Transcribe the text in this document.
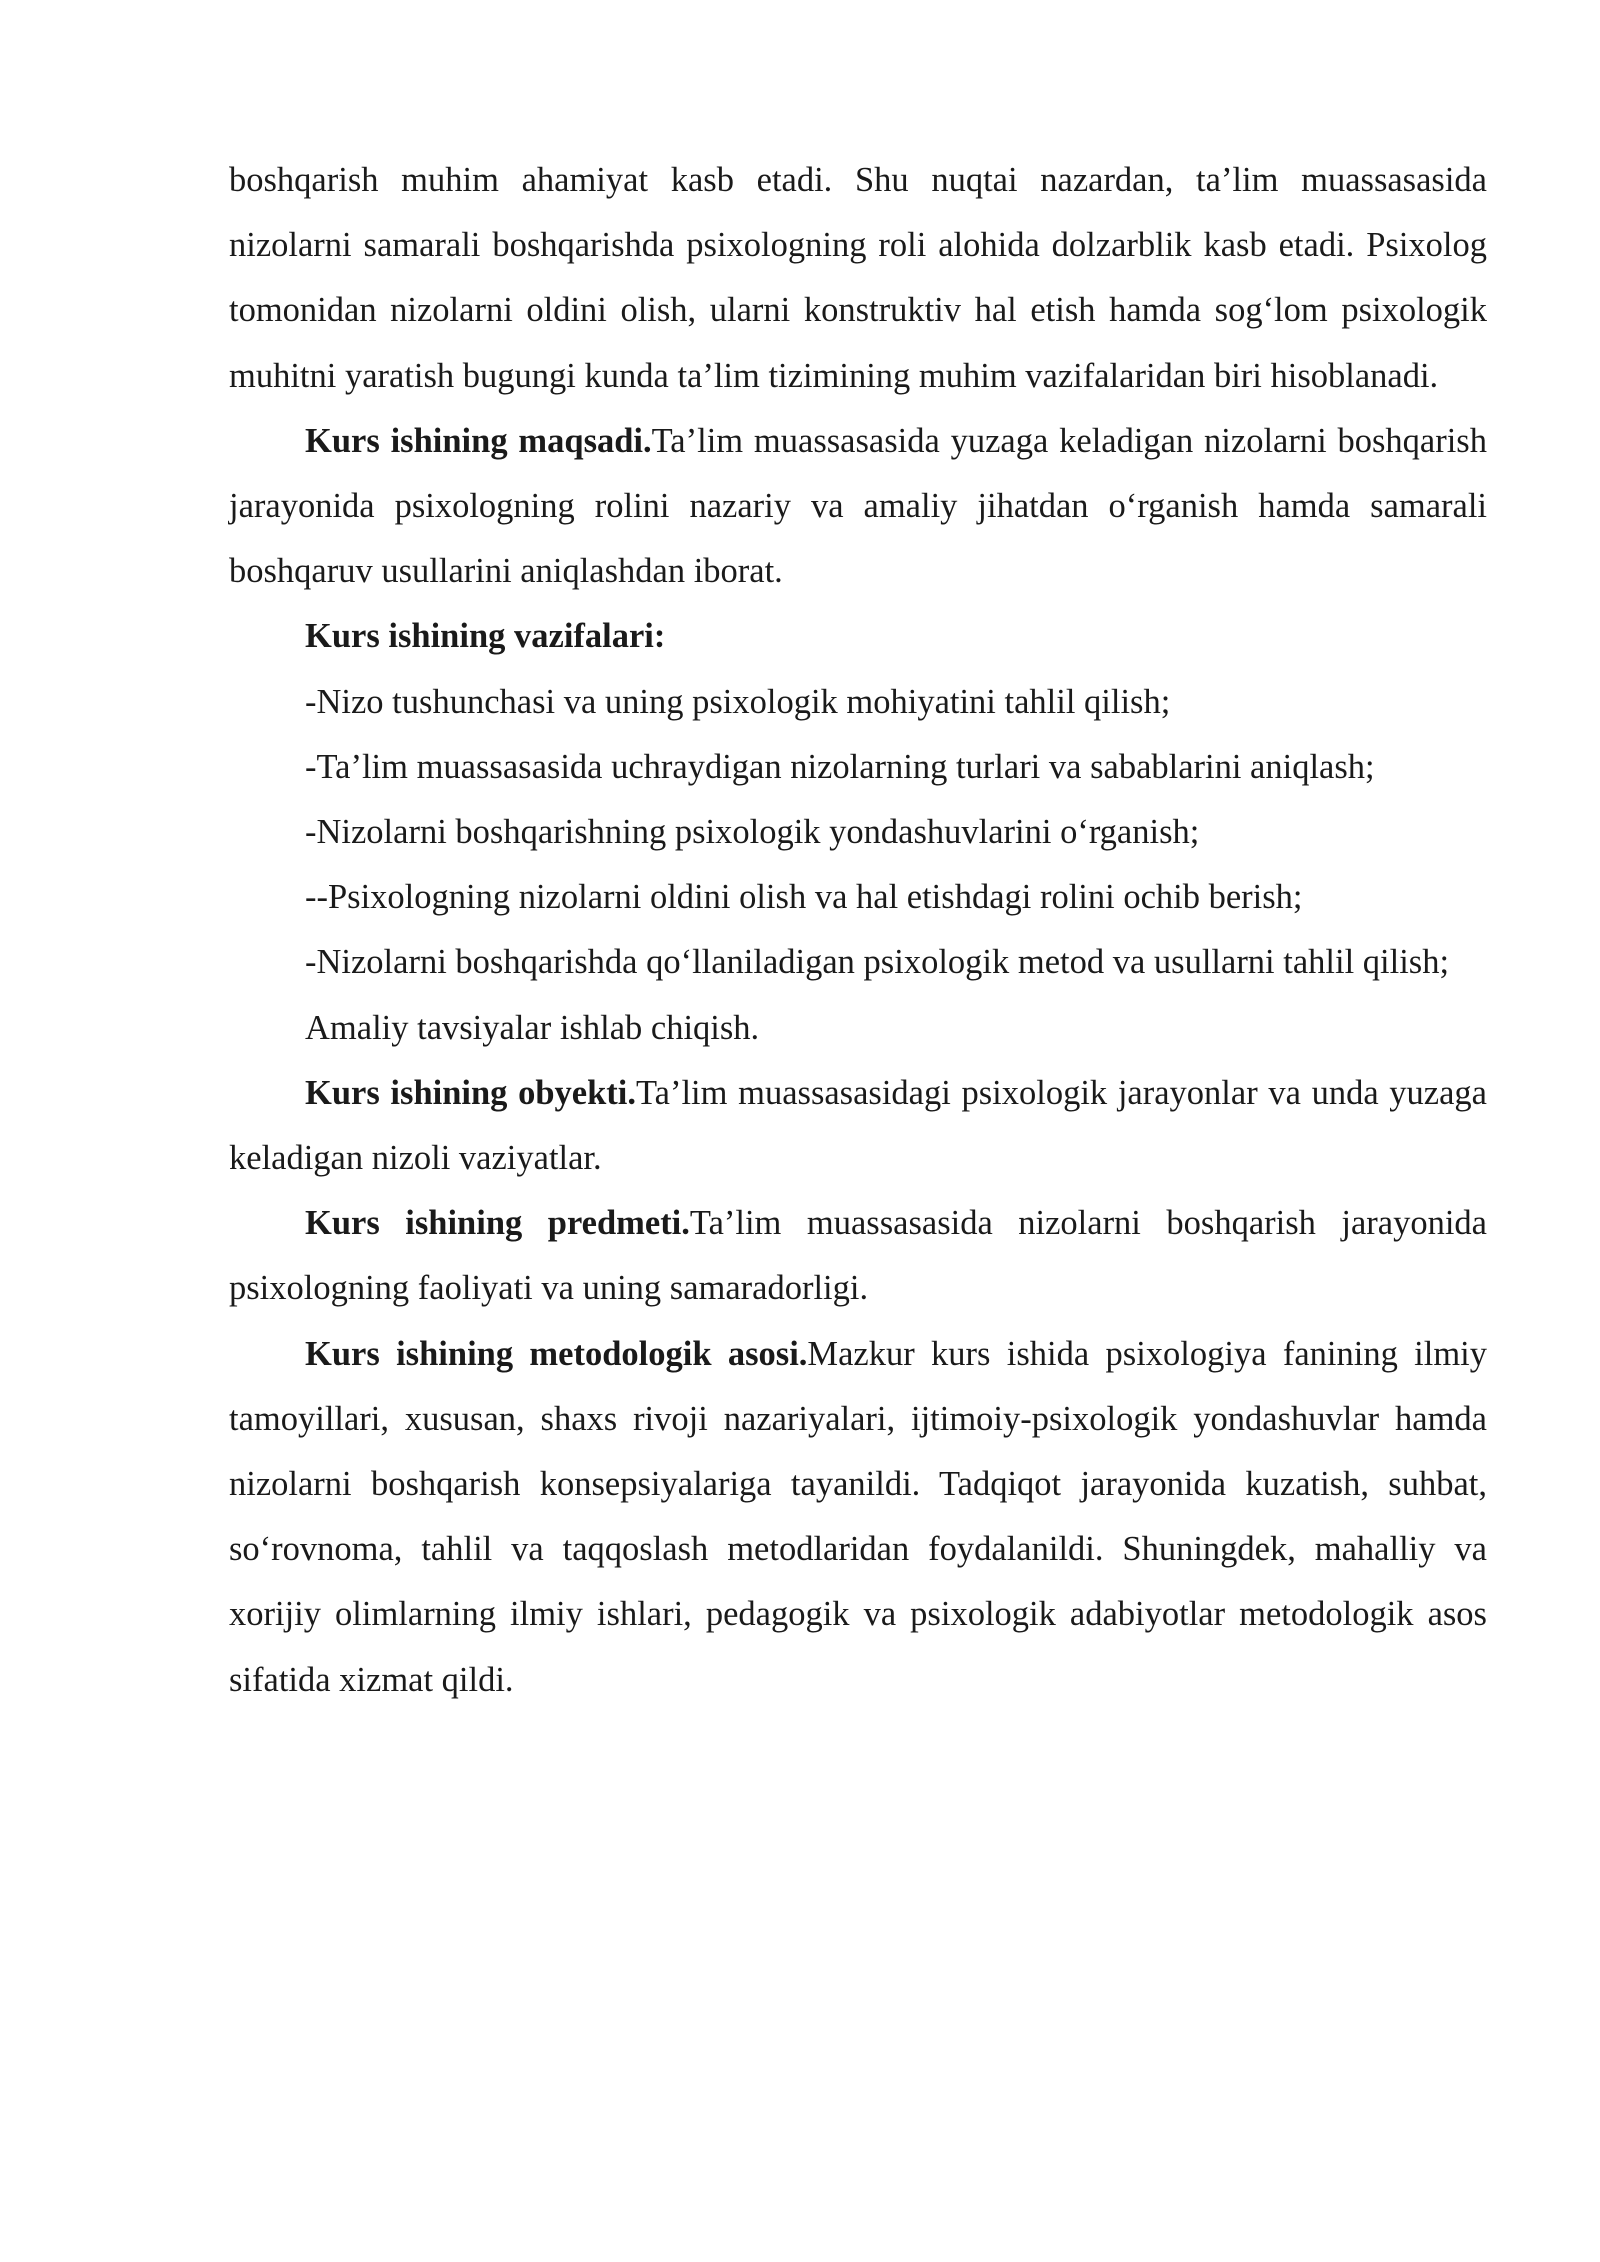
boshqarish muhim ahamiyat kasb etadi. Shu nuqtai nazardan, ta’lim muassasasida nizolarni samarali boshqarishda psixologning roli alohida dolzarblik kasb etadi. Psixolog tomonidan nizolarni oldini olish, ularni konstruktiv hal etish hamda sog‘lom psixologik muhitni yaratish bugungi kunda ta’lim tizimining muhim vazifalaridan biri hisoblanadi.

Kurs ishining maqsadi.Ta’lim muassasasida yuzaga keladigan nizolarni boshqarish jarayonida psixologning rolini nazariy va amaliy jihatdan o‘rganish hamda samarali boshqaruv usullarini aniqlashdan iborat.

Kurs ishining vazifalari:

-Nizo tushunchasi va uning psixologik mohiyatini tahlil qilish;

-Ta’lim muassasasida uchraydigan nizolarning turlari va sabablarini aniqlash;

-Nizolarni boshqarishning psixologik yondashuvlarini o‘rganish;

--Psixologning nizolarni oldini olish va hal etishdagi rolini ochib berish;

-Nizolarni boshqarishda qo‘llaniladigan psixologik metod va usullarni tahlil qilish;

Amaliy tavsiyalar ishlab chiqish.

Kurs ishining obyekti.Ta’lim muassasasidagi psixologik jarayonlar va unda yuzaga keladigan nizoli vaziyatlar.

Kurs ishining predmeti.Ta’lim muassasasida nizolarni boshqarish jarayonida psixologning faoliyati va uning samaradorligi.

Kurs ishining metodologik asosi.Mazkur kurs ishida psixologiya fanining ilmiy tamoyillari, xususan, shaxs rivoji nazariyalari, ijtimoiy-psixologik yondashuvlar hamda nizolarni boshqarish konsepsiyalariga tayanildi. Tadqiqot jarayonida kuzatish, suhbat, so‘rovnoma, tahlil va taqqoslash metodlaridan foydalanildi. Shuningdek, mahalliy va xorijiy olimlarning ilmiy ishlari, pedagogik va psixologik adabiyotlar metodologik asos sifatida xizmat qildi.
